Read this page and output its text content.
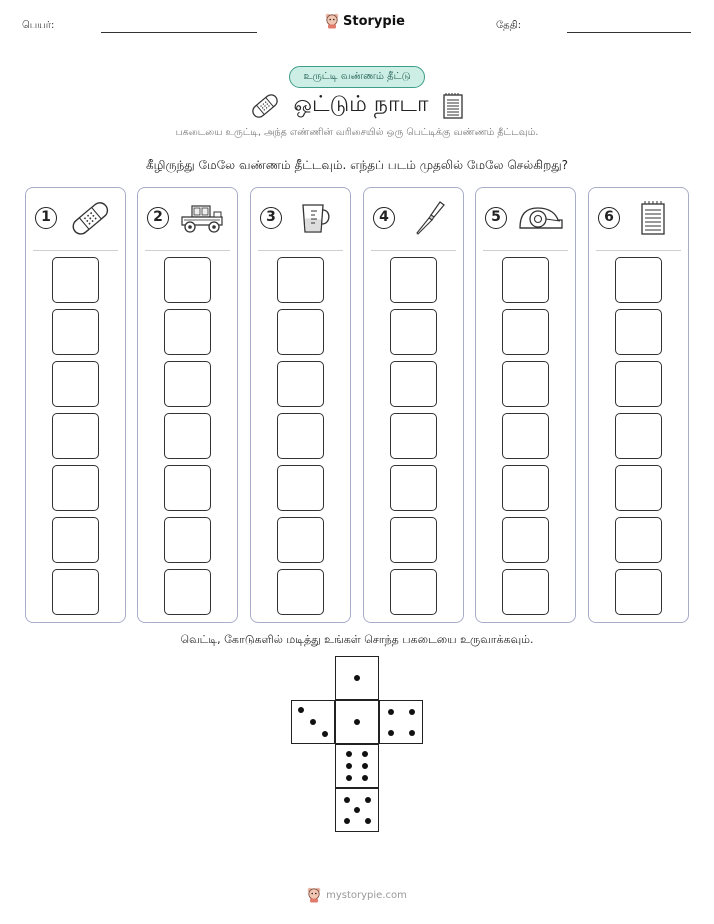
பெயர்:	Storypie	தேதி:
உருட்டி வண்ணம் தீட்டு
ஒட்டும் நாடா
பகடையை உருட்டி, அந்த எண்ணின் வரிசையில் ஒரு பெட்டிக்கு வண்ணம் தீட்டவும்.
கீழிருந்து மேலே வண்ணம் தீட்டவும். எந்தப் படம் முதலில் மேலே செல்கிறது?
1	2	3	4	5	6
வெட்டி, கோடுகளில் மடித்து உங்கள் சொந்த பகடையை உருவாக்கவும்.
mystorypie.com
